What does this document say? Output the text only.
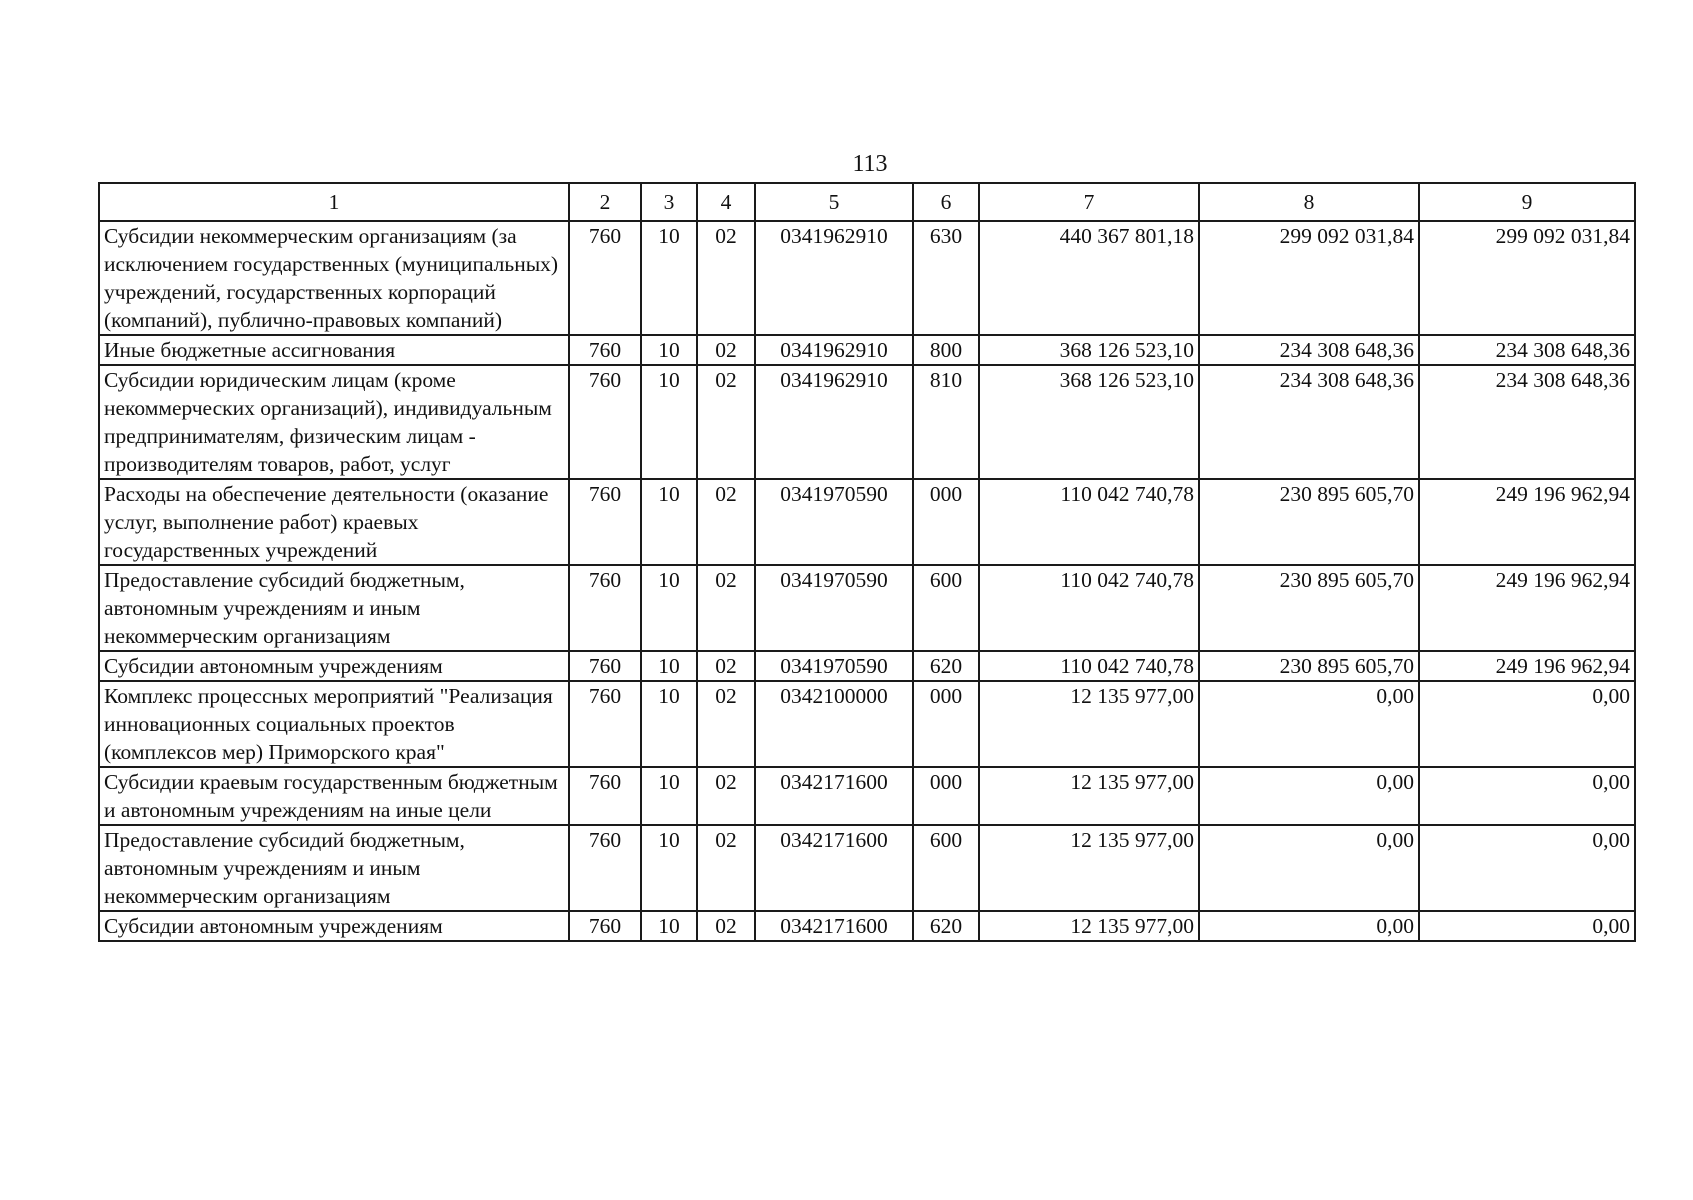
113
1	2	3	4	5	6	7	8	9
Субсидии некоммерческим организациям (за исключением государственных (муниципальных) учреждений, государственных корпораций (компаний), публично-правовых компаний)	760	10	02	0341962910	630	440 367 801,18	299 092 031,84	299 092 031,84
Иные бюджетные ассигнования	760	10	02	0341962910	800	368 126 523,10	234 308 648,36	234 308 648,36
Субсидии юридическим лицам (кроме некоммерческих организаций), индивидуальным предпринимателям, физическим лицам - производителям товаров, работ, услуг	760	10	02	0341962910	810	368 126 523,10	234 308 648,36	234 308 648,36
Расходы на обеспечение деятельности (оказание услуг, выполнение работ) краевых государственных учреждений	760	10	02	0341970590	000	110 042 740,78	230 895 605,70	249 196 962,94
Предоставление субсидий бюджетным, автономным учреждениям и иным некоммерческим организациям	760	10	02	0341970590	600	110 042 740,78	230 895 605,70	249 196 962,94
Субсидии автономным учреждениям	760	10	02	0341970590	620	110 042 740,78	230 895 605,70	249 196 962,94
Комплекс процессных мероприятий "Реализация инновационных социальных проектов (комплексов мер) Приморского края"	760	10	02	0342100000	000	12 135 977,00	0,00	0,00
Субсидии краевым государственным бюджетным и автономным учреждениям на иные цели	760	10	02	0342171600	000	12 135 977,00	0,00	0,00
Предоставление субсидий бюджетным, автономным учреждениям и иным некоммерческим организациям	760	10	02	0342171600	600	12 135 977,00	0,00	0,00
Субсидии автономным учреждениям	760	10	02	0342171600	620	12 135 977,00	0,00	0,00
